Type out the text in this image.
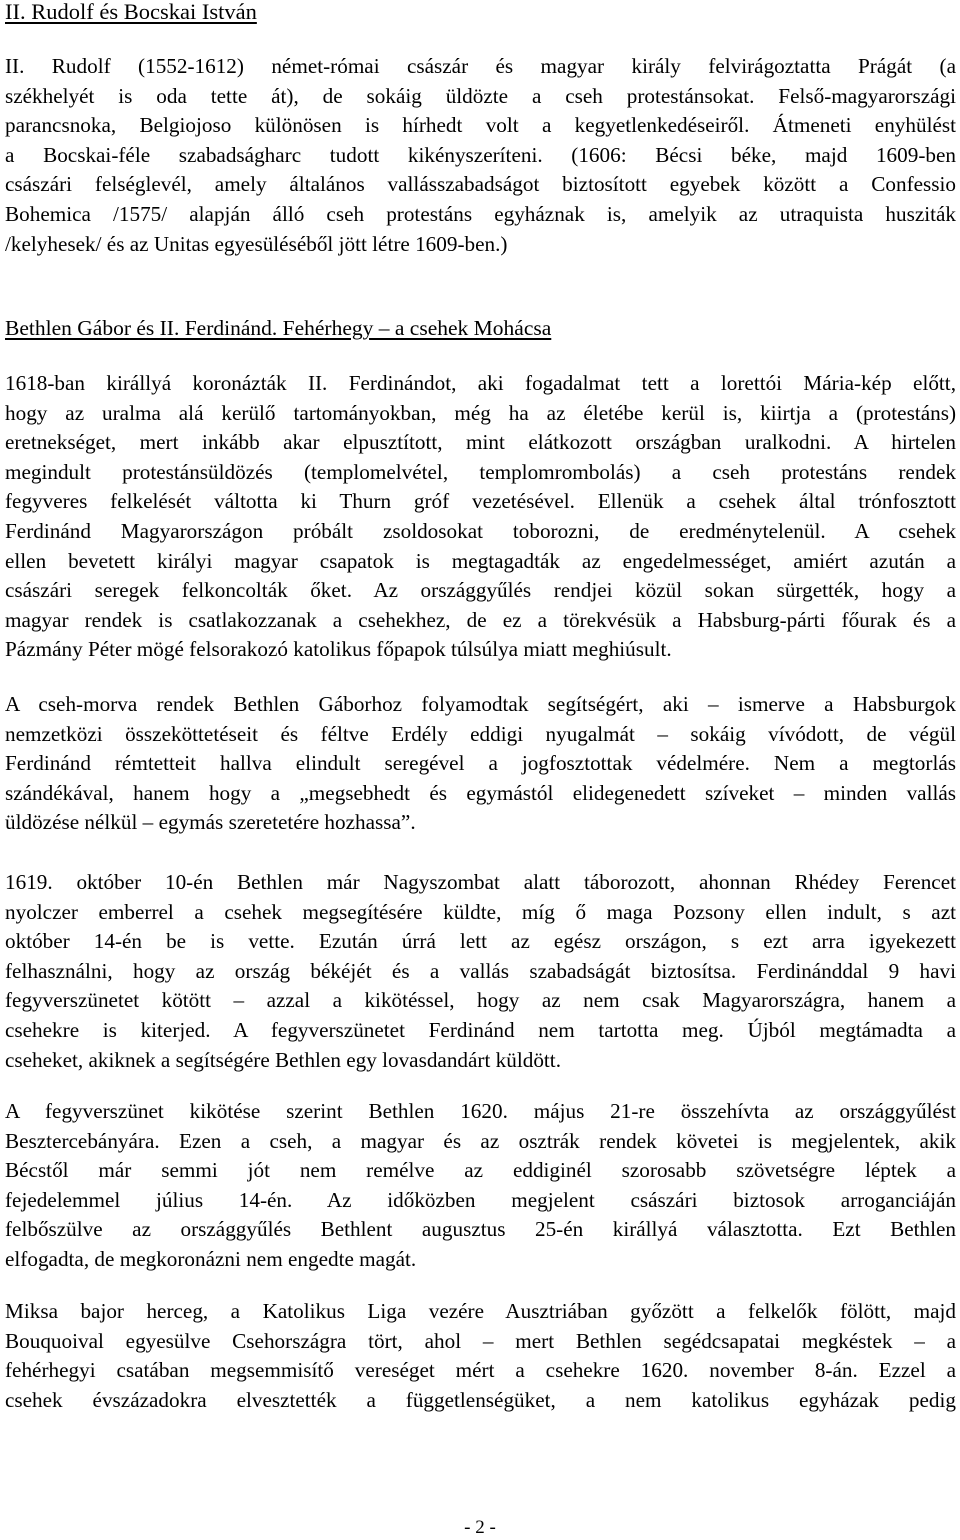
II. Rudolf és Bocskai István
II. Rudolf (1552-1612) német-római császár és magyar király felvirágoztatta Prágát (a
székhelyét is oda tette át), de sokáig üldözte a cseh protestánsokat. Felső-magyarországi
parancsnoka, Belgiojoso különösen is hírhedt volt a kegyetlenkedéseiről. Átmeneti enyhülést
a Bocskai-féle szabadságharc tudott kikényszeríteni. (1606: Bécsi béke, majd 1609-ben
császári felséglevél, amely általános vallásszabadságot biztosított egyebek között a Confessio
Bohemica /1575/ alapján álló cseh protestáns egyháznak is, amelyik az utraquista husziták
/kelyhesek/ és az Unitas egyesüléséből jött létre 1609-ben.)
Bethlen Gábor és II. Ferdinánd. Fehérhegy – a csehek Mohácsa
1618-ban királlyá koronázták II. Ferdinándot, aki fogadalmat tett a lorettói Mária-kép előtt,
hogy az uralma alá kerülő tartományokban, még ha az életébe kerül is, kiirtja a (protestáns)
eretnekséget, mert inkább akar elpusztított, mint elátkozott országban uralkodni. A hirtelen
megindult protestánsüldözés (templomelvétel, templomrombolás) a cseh protestáns rendek
fegyveres felkelését váltotta ki Thurn gróf vezetésével. Ellenük a csehek által trónfosztott
Ferdinánd Magyarországon próbált zsoldosokat toborozni, de eredménytelenül. A csehek
ellen bevetett királyi magyar csapatok is megtagadták az engedelmességet, amiért azután a
császári seregek felkoncolták őket. Az országgyűlés rendjei közül sokan sürgették, hogy a
magyar rendek is csatlakozzanak a csehekhez, de ez a törekvésük a Habsburg-párti főurak és a
Pázmány Péter mögé felsorakozó katolikus főpapok túlsúlya miatt meghiúsult.
A cseh-morva rendek Bethlen Gáborhoz folyamodtak segítségért, aki – ismerve a Habsburgok
nemzetközi összeköttetéseit és féltve Erdély eddigi nyugalmát – sokáig vívódott, de végül
Ferdinánd rémtetteit hallva elindult seregével a jogfosztottak védelmére. Nem a megtorlás
szándékával, hanem hogy a „megsebhedt és egymástól elidegenedett szíveket – minden vallás
üldözése nélkül – egymás szeretetére hozhassa”.
1619. október 10-én Bethlen már Nagyszombat alatt táborozott, ahonnan Rhédey Ferencet
nyolczer emberrel a csehek megsegítésére küldte, míg ő maga Pozsony ellen indult, s azt
október 14-én be is vette. Ezután úrrá lett az egész országon, s ezt arra igyekezett
felhasználni, hogy az ország békéjét és a vallás szabadságát biztosítsa. Ferdinánddal 9 havi
fegyverszünetet kötött – azzal a kikötéssel, hogy az nem csak Magyarországra, hanem a
csehekre is kiterjed. A fegyverszünetet Ferdinánd nem tartotta meg. Újból megtámadta a
cseheket, akiknek a segítségére Bethlen egy lovasdandárt küldött.
A fegyverszünet kikötése szerint Bethlen 1620. május 21-re összehívta az országgyűlést
Besztercebányára. Ezen a cseh, a magyar és az osztrák rendek követei is megjelentek, akik
Bécstől már semmi jót nem remélve az eddiginél szorosabb szövetségre léptek a
fejedelemmel július 14-én. Az időközben megjelent császári biztosok arroganciáján
felbőszülve az országgyűlés Bethlent augusztus 25-én királlyá választotta. Ezt Bethlen
elfogadta, de megkoronázni nem engedte magát.
Miksa bajor herceg, a Katolikus Liga vezére Ausztriában győzött a felkelők fölött, majd
Bouquoival egyesülve Csehországra tört, ahol – mert Bethlen segédcsapatai megkéstek – a
fehérhegyi csatában megsemmisítő vereséget mért a csehekre 1620. november 8-án. Ezzel a
csehek évszázadokra elvesztették a függetlenségüket, a nem katolikus egyházak pedig
- 2 -
